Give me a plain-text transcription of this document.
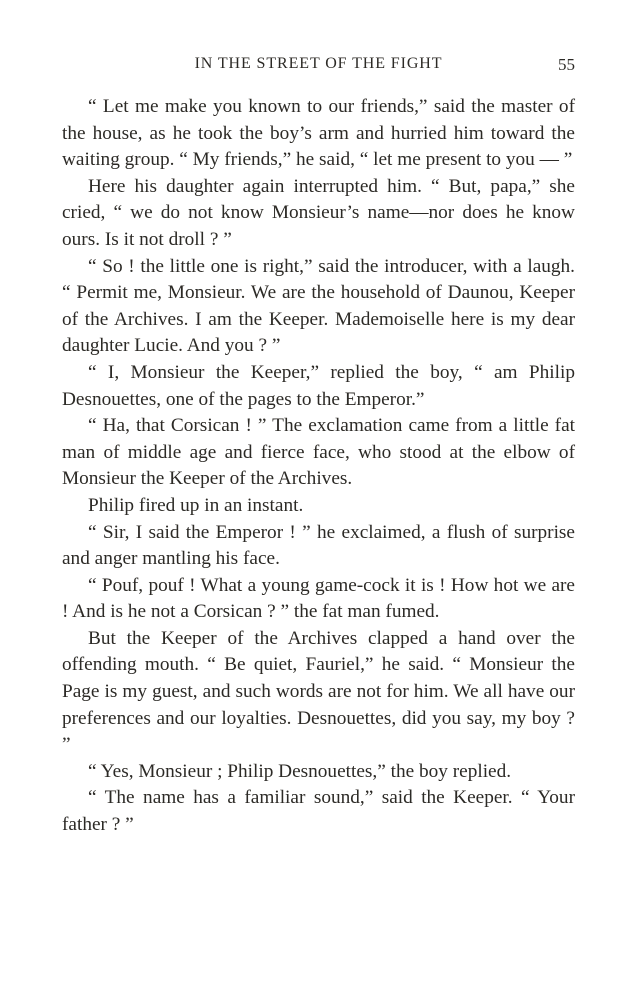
IN THE STREET OF THE FIGHT	55

“ Let me make you known to our friends,” said the master of the house, as he took the boy’s arm and hurried him toward the waiting group. “ My friends,” he said, “ let me present to you — ”

Here his daughter again interrupted him. “ But, papa,” she cried, “ we do not know Monsieur’s name—nor does he know ours. Is it not droll ? ”

“ So ! the little one is right,” said the introducer, with a laugh. “ Permit me, Monsieur. We are the household of Daunou, Keeper of the Archives. I am the Keeper. Mademoiselle here is my dear daughter Lucie. And you ? ”

“ I, Monsieur the Keeper,” replied the boy, “ am Philip Desnouettes, one of the pages to the Emperor.”

“ Ha, that Corsican ! ” The exclamation came from a little fat man of middle age and fierce face, who stood at the elbow of Monsieur the Keeper of the Archives.

Philip fired up in an instant.

“ Sir, I said the Emperor ! ” he exclaimed, a flush of surprise and anger mantling his face.

“ Pouf, pouf ! What a young game-cock it is ! How hot we are ! And is he not a Corsican ? ” the fat man fumed.

But the Keeper of the Archives clapped a hand over the offending mouth. “ Be quiet, Fauriel,” he said. “ Monsieur the Page is my guest, and such words are not for him. We all have our preferences and our loyalties. Desnouettes, did you say, my boy ? ”

“ Yes, Monsieur ; Philip Desnouettes,” the boy replied.

“ The name has a familiar sound,” said the Keeper. “ Your father ? ”
